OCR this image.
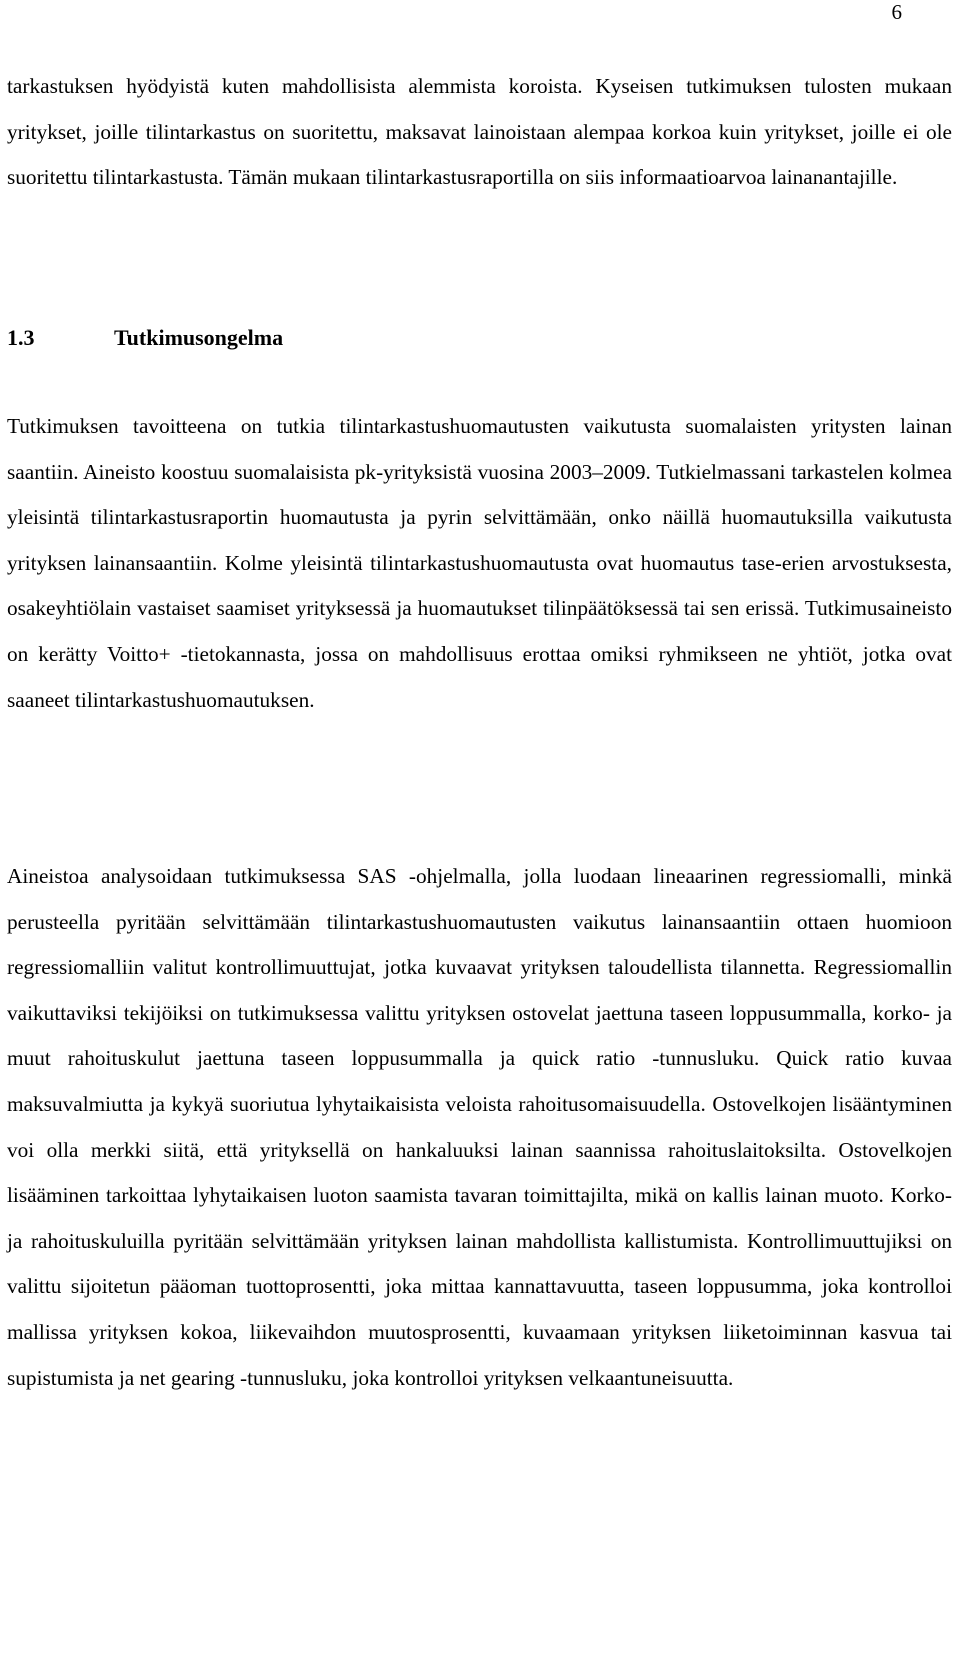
6

tarkastuksen hyödyistä kuten mahdollisista alemmista koroista. Kyseisen tutkimuksen tulosten mukaan yritykset, joille tilintarkastus on suoritettu, maksavat lainoistaan alempaa korkoa kuin yritykset, joille ei ole suoritettu tilintarkastusta. Tämän mukaan tilintarkastusraportilla on siis informaatioarvoa lainanantajille.

1.3	Tutkimusongelma

Tutkimuksen tavoitteena on tutkia tilintarkastushuomautusten vaikutusta suomalaisten yritysten lainan saantiin. Aineisto koostuu suomalaisista pk-yrityksistä vuosina 2003–2009. Tutkielmassani tarkastelen kolmea yleisintä tilintarkastusraportin huomautusta ja pyrin selvittämään, onko näillä huomautuksilla vaikutusta yrityksen lainansaantiin. Kolme yleisintä tilintarkastushuomautusta ovat huomautus tase-erien arvostuksesta, osakeyhtiölain vastaiset saamiset yrityksessä ja huomautukset tilinpäätöksessä tai sen erissä. Tutkimusaineisto on kerätty Voitto+ -tietokannasta, jossa on mahdollisuus erottaa omiksi ryhmikseen ne yhtiöt, jotka ovat saaneet tilintarkastushuomautuksen.

Aineistoa analysoidaan tutkimuksessa SAS -ohjelmalla, jolla luodaan lineaarinen regressiomalli, minkä perusteella pyritään selvittämään tilintarkastushuomautusten vaikutus lainansaantiin ottaen huomioon regressiomalliin valitut kontrollimuuttujat, jotka kuvaavat yrityksen taloudellista tilannetta. Regressiomallin vaikuttaviksi tekijöiksi on tutkimuksessa valittu yrityksen ostovelat jaettuna taseen loppusummalla, korko- ja muut rahoituskulut jaettuna taseen loppusummalla ja quick ratio -tunnusluku. Quick ratio kuvaa maksuvalmiutta ja kykyä suoriutua lyhytaikaisista veloista rahoitusomaisuudella. Ostovelkojen lisääntyminen voi olla merkki siitä, että yrityksellä on hankaluuksi lainan saannissa rahoituslaitoksilta. Ostovelkojen lisääminen tarkoittaa lyhytaikaisen luoton saamista tavaran toimittajilta, mikä on kallis lainan muoto. Korko- ja rahoituskuluilla pyritään selvittämään yrityksen lainan mahdollista kallistumista. Kontrollimuuttujiksi on valittu sijoitetun pääoman tuottoprosentti, joka mittaa kannattavuutta, taseen loppusumma, joka kontrolloi mallissa yrityksen kokoa, liikevaihdon muutosprosentti, kuvaamaan yrityksen liiketoiminnan kasvua tai supistumista ja net gearing -tunnusluku, joka kontrolloi yrityksen velkaantuneisuutta.
